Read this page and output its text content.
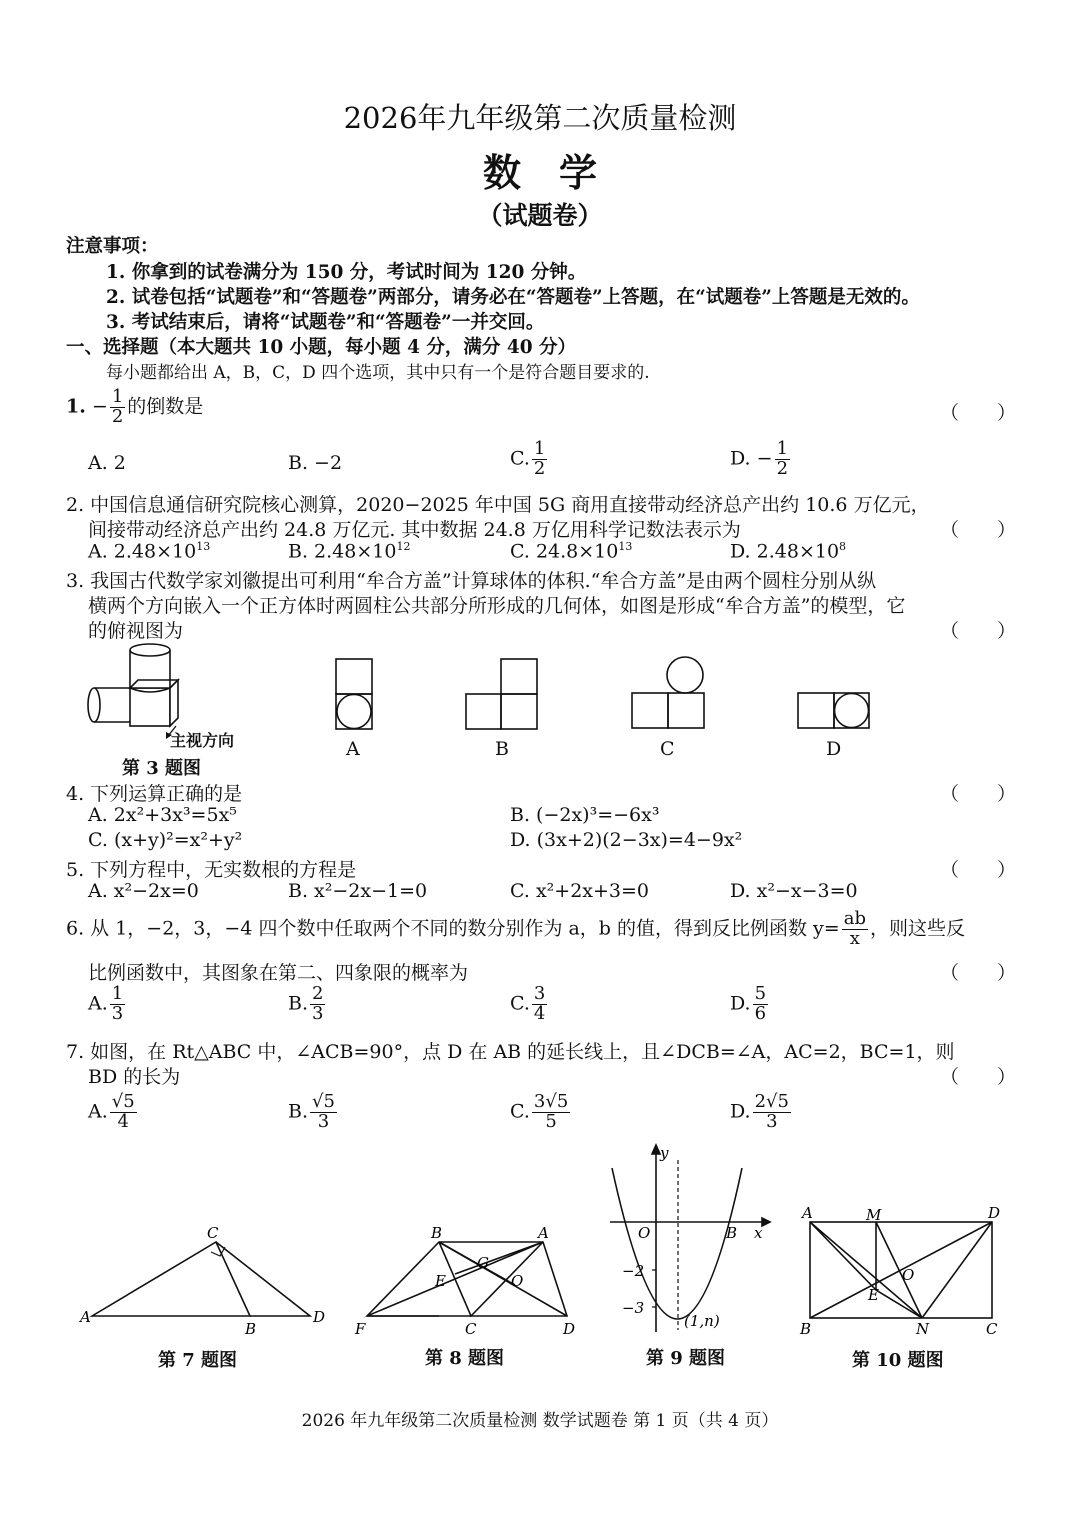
2026年九年级第二次质量检测
数学
（试题卷）
注意事项：
1. 你拿到的试卷满分为 150 分，考试时间为 120 分钟。
2. 试卷包括“试题卷”和“答题卷”两部分，请务必在“答题卷”上答题，在“试题卷”上答题是无效的。
3. 考试结束后，请将“试题卷”和“答题卷”一并交回。
一、选择题（本大题共 10 小题，每小题 4 分，满分 40 分）
每小题都给出 A，B，C，D 四个选项，其中只有一个是符合题目要求的.
1. − $\frac{1}{2}$ 的倒数是	（　　）
A. 2	B. −2	C. $\frac{1}{2}$	D. − $\frac{1}{2}$
2. 中国信息通信研究院核心测算，2020−2025 年中国 5G 商用直接带动经济总产出约 10.6 万亿元，
间接带动经济总产出约 24.8 万亿元. 其中数据 24.8 万亿用科学记数法表示为	（　　）
A. $2.48\times 10^{13}$	B. $2.48\times 10^{12}$	C. $24.8\times 10^{13}$	D. $2.48\times 10^8$
3. 我国古代数学家刘徽提出可利用“牟合方盖”计算球体的体积.“牟合方盖”是由两个圆柱分别从纵
横两个方向嵌入一个正方体时两圆柱公共部分所形成的几何体，如图是形成“牟合方盖”的模型，它
的俯视图为	（　　）
主视方向
第 3 题图
A	B	C	D
4. 下列运算正确的是	（　　）
A. 2x²+3x³=5x⁵	B. (−2x)³=−6x³
C. (x+y)²=x²+y²	D. (3x+2)(2−3x)=4−9x²
5. 下列方程中，无实数根的方程是	（　　）
A. x²−2x=0	B. x²−2x−1=0	C. x²+2x+3=0	D. x²−x−3=0
6. 从 1，−2，3，−4 四个数中任取两个不同的数分别作为 a，b 的值，得到反比例函数 $y= \frac{ab}{x}$ ，则这些反
比例函数中，其图象在第二、四象限的概率为	（　　）
A. $\frac{1}{3}$	B. $\frac{2}{3}$	C. $\frac{3}{4}$	D. $\frac{5}{6}$
7. 如图，在 Rt△ABC 中，∠ACB=90°，点 D 在 AB 的延长线上，且∠DCB=∠A，AC=2，BC=1，则
BD 的长为	（　　）
A. $\frac{√5}{4}$	B. $\frac{√5}{3}$	C. $\frac{3√5}{5}$	D. $\frac{2√5}{3}$
A
B
C
D
第 7 题图
F
B	A
G
E	O
C	D
第 8 题图
y
O	B x
−2
−3
(1,n)
第 9 题图
A	M	D
O
E
B	N	C
第 10 题图
2026 年九年级第二次质量检测 数学试题卷 第 1 页（共 4 页）
